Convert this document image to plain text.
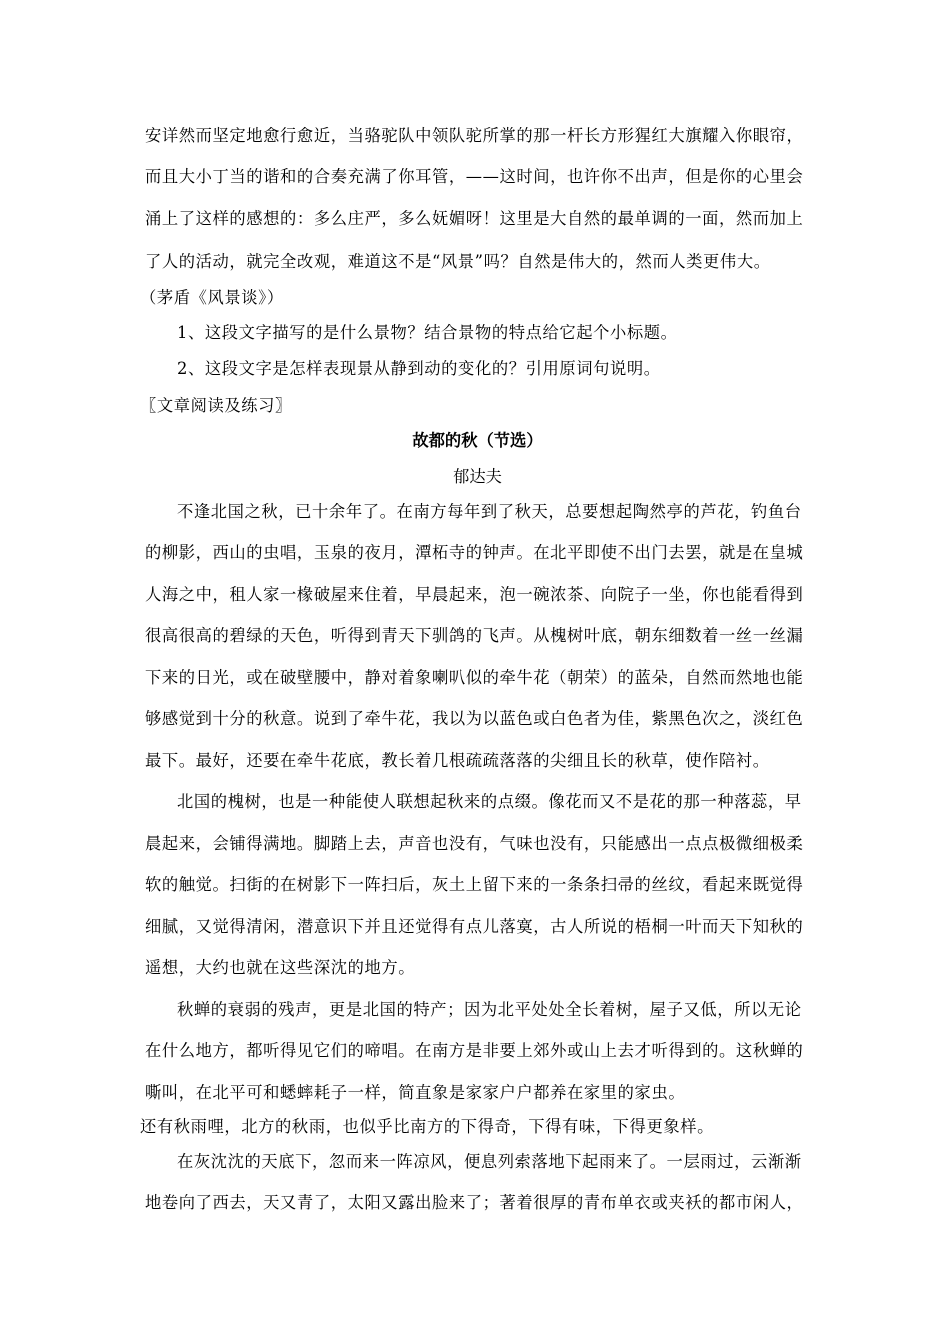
安详然而坚定地愈行愈近，当骆驼队中领队驼所掌的那一杆长方形猩红大旗耀入你眼帘，
而且大小丁当的谐和的合奏充满了你耳管，——这时间，也许你不出声，但是你的心里会
涌上了这样的感想的：多么庄严，多么妩媚呀！这里是大自然的最单调的一面，然而加上
了人的活动，就完全改观，难道这不是“风景”吗？自然是伟大的，然而人类更伟大。
（茅盾《风景谈》）
1、这段文字描写的是什么景物？结合景物的特点给它起个小标题。
2、这段文字是怎样表现景从静到动的变化的？引用原词句说明。
〖文章阅读及练习〗
故都的秋（节选）
郁达夫
不逢北国之秋，已十余年了。在南方每年到了秋天，总要想起陶然亭的芦花，钓鱼台
的柳影，西山的虫唱，玉泉的夜月，潭柘寺的钟声。在北平即使不出门去罢，就是在皇城
人海之中，租人家一椽破屋来住着，早晨起来，泡一碗浓茶、向院子一坐，你也能看得到
很高很高的碧绿的天色，听得到青天下驯鸽的飞声。从槐树叶底，朝东细数着一丝一丝漏
下来的日光，或在破壁腰中，静对着象喇叭似的牵牛花（朝荣）的蓝朵，自然而然地也能
够感觉到十分的秋意。说到了牵牛花，我以为以蓝色或白色者为佳，紫黑色次之，淡红色
最下。最好，还要在牵牛花底，教长着几根疏疏落落的尖细且长的秋草，使作陪衬。
北国的槐树，也是一种能使人联想起秋来的点缀。像花而又不是花的那一种落蕊，早
晨起来，会铺得满地。脚踏上去，声音也没有，气味也没有，只能感出一点点极微细极柔
软的触觉。扫街的在树影下一阵扫后，灰土上留下来的一条条扫帚的丝纹，看起来既觉得
细腻，又觉得清闲，潜意识下并且还觉得有点儿落寞，古人所说的梧桐一叶而天下知秋的
遥想，大约也就在这些深沈的地方。
秋蝉的衰弱的残声，更是北国的特产；因为北平处处全长着树，屋子又低，所以无论
在什么地方，都听得见它们的啼唱。在南方是非要上郊外或山上去才听得到的。这秋蝉的
嘶叫，在北平可和蟋蟀耗子一样，简直象是家家户户都养在家里的家虫。
还有秋雨哩，北方的秋雨，也似乎比南方的下得奇，下得有味，下得更象样。
在灰沈沈的天底下，忽而来一阵凉风，便息列索落地下起雨来了。一层雨过，云渐渐
地卷向了西去，天又青了，太阳又露出脸来了；著着很厚的青布单衣或夹袄的都市闲人，
